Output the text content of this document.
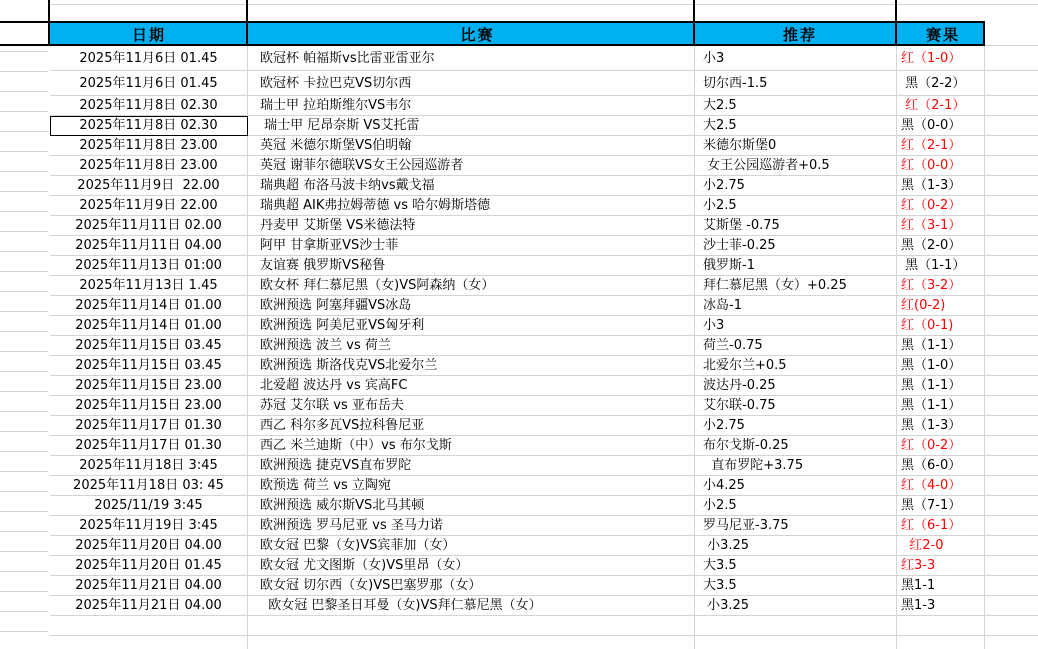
日期	比赛	推荐	赛果
2025年11月6日 01.45	欧冠杯 帕福斯vs比雷亚雷亚尔	小3	红（1-0）
2025年11月6日 01.45	欧冠杯 卡拉巴克VS切尔西	切尔西-1.5	黑（2-2）
2025年11月8日 02.30	瑞士甲 拉珀斯维尔VS韦尔	大2.5	红（2-1）
2025年11月8日 02.30	瑞士甲 尼昂奈斯 VS艾托雷	大2.5	黑（0-0）
2025年11月8日 23.00	英冠 米德尔斯堡VS伯明翰	米德尔斯堡0	红（2-1）
2025年11月8日 23.00	英冠 谢菲尔德联VS女王公园巡游者	女王公园巡游者+0.5	红（0-0）
2025年11月9日  22.00	瑞典超 布洛马波卡纳vs戴戈福	小2.75	黑（1-3）
2025年11月9日 22.00	瑞典超 AIK弗拉姆蒂德 vs 哈尔姆斯塔德	小2.5	红（0-2）
2025年11月11日 02.00	丹麦甲 艾斯堡 VS米德法特	艾斯堡 -0.75	红（3-1）
2025年11月11日 04.00	阿甲 甘拿斯亚VS沙士菲	沙士菲-0.25	黑（2-0）
2025年11月13日 01:00	友谊赛 俄罗斯VS秘鲁	俄罗斯-1	黑（1-1）
2025年11月13日 1.45	欧女杯 拜仁慕尼黑（女)VS阿森纳（女）	拜仁慕尼黑（女）+0.25	红（3-2）
2025年11月14日 01.00	欧洲预选 阿塞拜疆VS冰岛	冰岛-1	红(0-2)
2025年11月14日 01.00	欧洲预选 阿美尼亚VS匈牙利	小3	红（0-1)
2025年11月15日 03.45	欧洲预选 波兰 vs 荷兰	荷兰-0.75	黑（1-1）
2025年11月15日 03.45	欧洲预选 斯洛伐克VS北爱尔兰	北爱尔兰+0.5	黑（1-0）
2025年11月15日 23.00	北爱超 波达丹 vs 宾高FC	波达丹-0.25	黑（1-1）
2025年11月15日 23.00	苏冠 艾尔联 vs 亚布岳夫	艾尔联-0.75	黑（1-1）
2025年11月17日 01.30	西乙 科尔多瓦VS拉科鲁尼亚	小2.75	黑（1-3）
2025年11月17日 01.30	西乙 米兰迪斯（中）vs 布尔戈斯	布尔戈斯-0.25	红（0-2）
2025年11月18日 3:45	欧洲预选 捷克VS直布罗陀	直布罗陀+3.75	黑（6-0）
2025年11月18日 03: 45	欧预选 荷兰 vs 立陶宛	小4.25	红（4-0）
2025/11/19 3:45	欧洲预选 威尔斯VS北马其顿	小2.5	黑（7-1）
2025年11月19日 3:45	欧洲预选 罗马尼亚 vs 圣马力诺	罗马尼亚-3.75	红（6-1）
2025年11月20日 04.00	欧女冠 巴黎（女)VS宾菲加（女）	小3.25	红2-0
2025年11月20日 01.45	欧女冠 尤文图斯（女)VS里昂（女）	大3.5	红3-3
2025年11月21日 04.00	欧女冠 切尔西（女)VS巴塞罗那（女）	大3.5	黑1-1
2025年11月21日 04.00	欧女冠 巴黎圣日耳曼（女)VS拜仁慕尼黑（女）	小3.25	黑1-3
